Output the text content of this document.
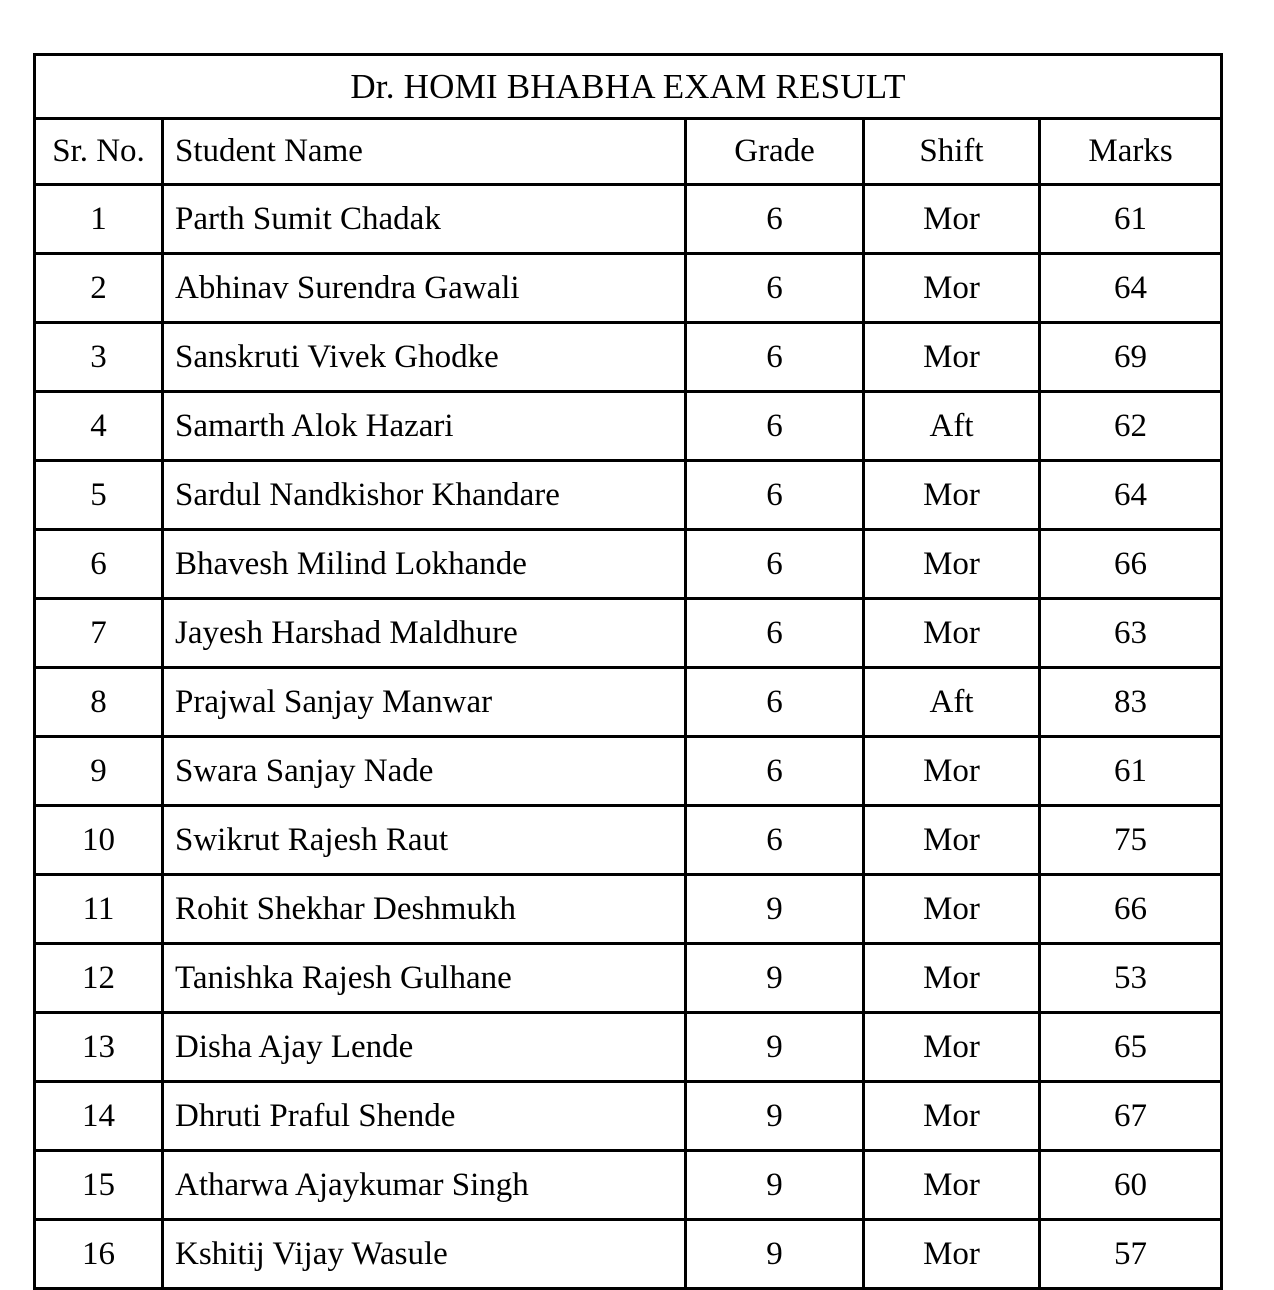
Dr. HOMI BHABHA EXAM RESULT				
Sr. No.	Student Name	Grade	Shift	Marks
1	Parth Sumit Chadak	6	Mor	61
2	Abhinav Surendra Gawali	6	Mor	64
3	Sanskruti Vivek Ghodke	6	Mor	69
4	Samarth Alok Hazari	6	Aft	62
5	Sardul Nandkishor Khandare	6	Mor	64
6	Bhavesh Milind Lokhande	6	Mor	66
7	Jayesh Harshad Maldhure	6	Mor	63
8	Prajwal Sanjay Manwar	6	Aft	83
9	Swara Sanjay Nade	6	Mor	61
10	Swikrut Rajesh Raut	6	Mor	75
11	Rohit Shekhar Deshmukh	9	Mor	66
12	Tanishka Rajesh Gulhane	9	Mor	53
13	Disha Ajay Lende	9	Mor	65
14	Dhruti Praful Shende	9	Mor	67
15	Atharwa Ajaykumar Singh	9	Mor	60
16	Kshitij Vijay Wasule	9	Mor	57
